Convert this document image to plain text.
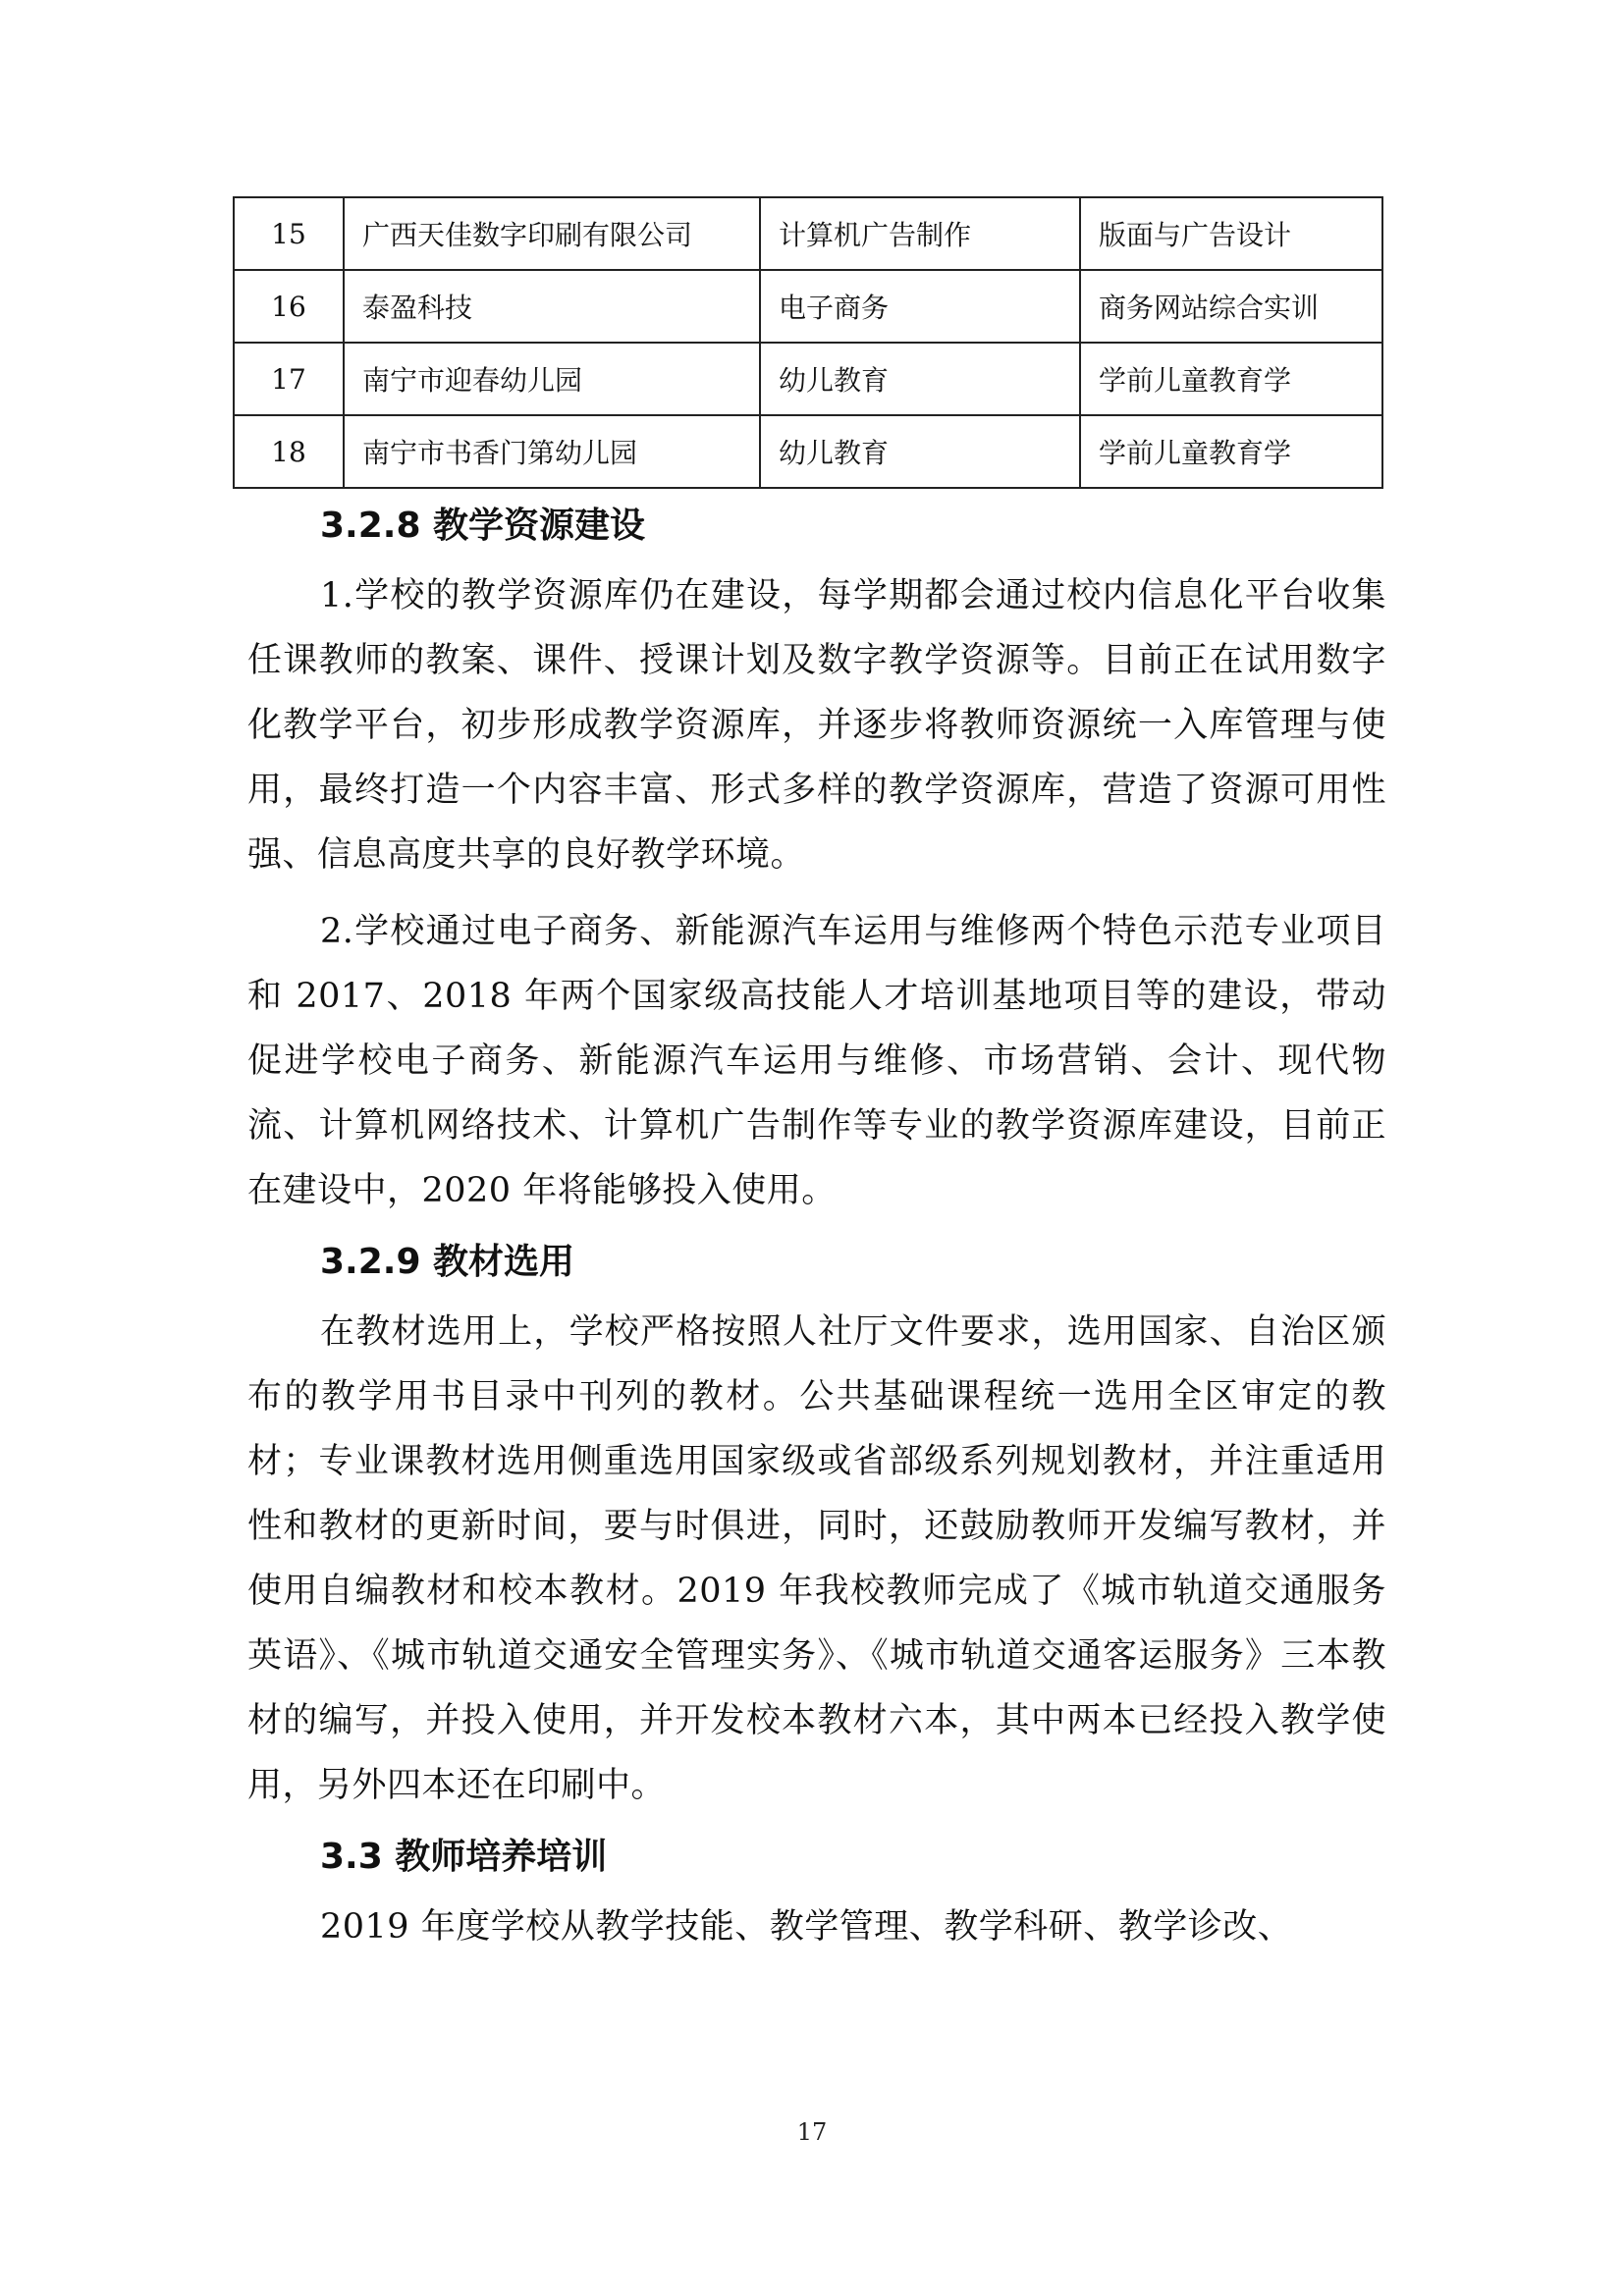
15	广西天佳数字印刷有限公司	计算机广告制作	版面与广告设计
16	泰盈科技	电子商务	商务网站综合实训
17	南宁市迎春幼儿园	幼儿教育	学前儿童教育学
18	南宁市书香门第幼儿园	幼儿教育	学前儿童教育学
3.2.8 教学资源建设

1.学校的教学资源库仍在建设，每学期都会通过校内信息化平台收集任课教师的教案、课件、授课计划及数字教学资源等。目前正在试用数字化教学平台，初步形成教学资源库，并逐步将教师资源统一入库管理与使用，最终打造一个内容丰富、形式多样的教学资源库，营造了资源可用性强、信息高度共享的良好教学环境。

2.学校通过电子商务、新能源汽车运用与维修两个特色示范专业项目和 2017、2018 年两个国家级高技能人才培训基地项目等的建设，带动促进学校电子商务、新能源汽车运用与维修、市场营销、会计、现代物流、计算机网络技术、计算机广告制作等专业的教学资源库建设，目前正在建设中，2020 年将能够投入使用。

3.2.9 教材选用

在教材选用上，学校严格按照人社厅文件要求，选用国家、自治区颁布的教学用书目录中刊列的教材。公共基础课程统一选用全区审定的教材；专业课教材选用侧重选用国家级或省部级系列规划教材，并注重适用性和教材的更新时间，要与时俱进，同时，还鼓励教师开发编写教材，并使用自编教材和校本教材。2019 年我校教师完成了《城市轨道交通服务英语》、《城市轨道交通安全管理实务》、《城市轨道交通客运服务》三本教材的编写，并投入使用，并开发校本教材六本，其中两本已经投入教学使用，另外四本还在印刷中。

3.3 教师培养培训

2019 年度学校从教学技能、教学管理、教学科研、教学诊改、

17
